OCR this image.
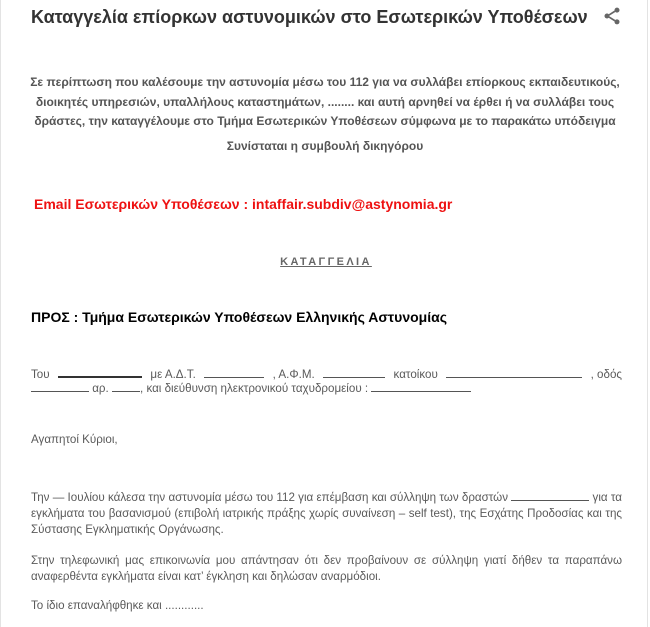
Καταγγελία επίορκων αστυνομικών στο Εσωτερικών Υποθέσεων

Σε περίπτωση που καλέσουμε την αστυνομία μέσω του 112 για να συλλάβει επίορκους εκπαιδευτικούς, διοικητές υπηρεσιών, υπαλλήλους καταστημάτων, ........ και αυτή αρνηθεί να έρθει ή να συλλάβει τους δράστες, την καταγγέλουμε στο Τμήμα Εσωτερικών Υποθέσεων σύμφωνα με το παρακάτω υπόδειγμα

Συνίσταται η συμβουλή δικηγόρου
Email Εσωτερικών Υποθέσεων : intaffair.subdiv@astynomia.gr
ΚΑΤΑΓΓΕΛΙΑ
ΠΡΟΣ : Τμήμα Εσωτερικών Υποθέσεων Ελληνικής Αστυνομίας
Του	με Α.Δ.Τ.	, Α.Φ.Μ.	κατοίκου	, οδός
αρ.	, και διεύθυνση ηλεκτρονικού ταχυδρομείου :

Αγαπητοί Κύριοι,

Την — Ιουλίου κάλεσα την αστυνομία μέσω του 112 για επέμβαση και σύλληψη των δραστών	για τα εγκλήματα του βασανισμού (επιβολή ιατρικής πράξης χωρίς συναίνεση – self test), της Εσχάτης Προδοσίας και της Σύστασης Εγκληματικής Οργάνωσης.

Στην τηλεφωνική μας επικοινωνία μου απάντησαν ότι δεν προβαίνουν σε σύλληψη γιατί δήθεν τα παραπάνω αναφερθέντα εγκλήματα είναι κατ’ έγκληση και δηλώσαν αναρμόδιοι.

Το ίδιο επαναλήφθηκε και ............
